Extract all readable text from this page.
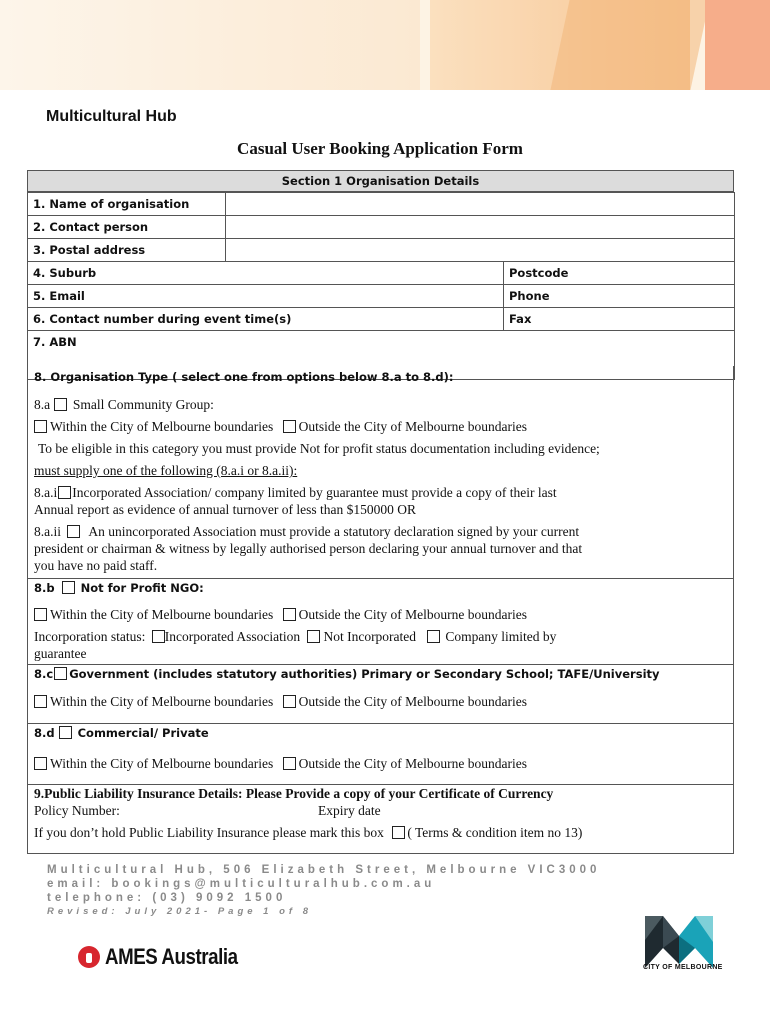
Multicultural Hub
Casual User Booking Application Form
Section 1 Organisation Details
1. Name of organisation		
2. Contact person		
3. Postal address		
4. Suburb		Postcode
5. Email		Phone
6. Contact number during event time(s)		Fax
7. ABN		
8. Organisation Type ( select one from options below 8.a to 8.d):
8.a Small Community Group:
Within the City of Melbourne boundaries Outside the City of Melbourne boundaries
To be eligible in this category you must provide Not for profit status documentation including evidence;
must supply one of the following (8.a.i or 8.a.ii):
8.a.i Incorporated Association/ company limited by guarantee must provide a copy of their last
Annual report as evidence of annual turnover of less than $150000 OR
8.a.ii An unincorporated Association must provide a statutory declaration signed by your current
president or chairman & witness by legally authorised person declaring your annual turnover and that
you have no paid staff.
8.b Not for Profit NGO:
Within the City of Melbourne boundaries Outside the City of Melbourne boundaries
Incorporation status: Incorporated Association Not Incorporated Company limited by
guarantee
8.c Government (includes statutory authorities) Primary or Secondary School; TAFE/University
Within the City of Melbourne boundaries Outside the City of Melbourne boundaries
8.d Commercial/ Private
Within the City of Melbourne boundaries Outside the City of Melbourne boundaries
9.Public Liability Insurance Details: Please Provide a copy of your Certificate of Currency
Policy Number:	Expiry date
If you don’t hold Public Liability Insurance please mark this box ( Terms & condition item no 13)
Multicultural Hub, 506 Elizabeth Street, Melbourne VIC3000
email: bookings@multiculturalhub.com.au
telephone: (03) 9092 1500
Revised: July 2021- Page 1 of 8
AMES Australia	CITY OF MELBOURNE
